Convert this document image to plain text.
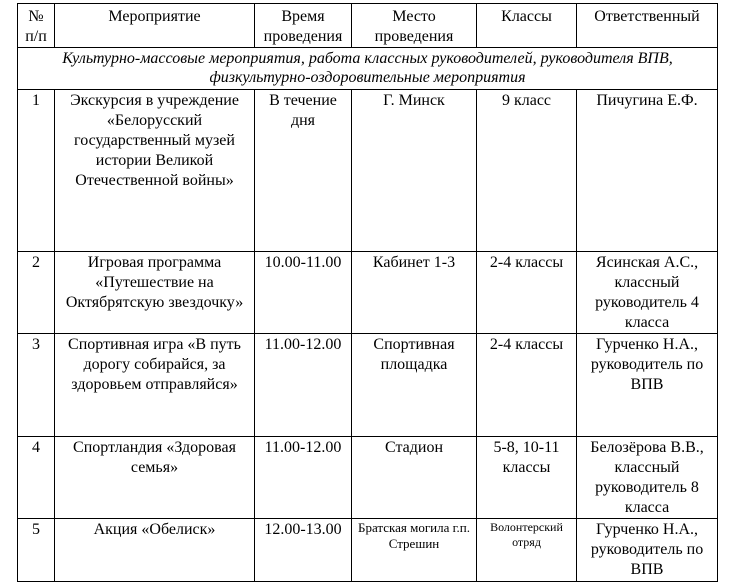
№ п/п	Мероприятие	Время проведения	Место проведения	Классы	Ответственный
Культурно-массовые мероприятия, работа классных руководителей, руководителя ВПВ, физкультурно-оздоровительные мероприятия					
1	Экскурсия в учреждение «Белорусский государственный музей истории Великой Отечественной войны»	В течение дня	Г. Минск	9 класс	Пичугина Е.Ф.
2	Игровая программа «Путешествие на Октябрятскую звездочку»	10.00-11.00	Кабинет 1-3	2-4 классы	Ясинская А.С., классный руководитель 4 класса
3	Спортивная игра «В путь дорогу собирайся, за здоровьем отправляйся»	11.00-12.00	Спортивная площадка	2-4 классы	Гурченко Н.А., руководитель по ВПВ
4	Спортландия «Здоровая семья»	11.00-12.00	Стадион	5-8, 10-11 классы	Белозёрова В.В., классный руководитель 8 класса
5	Акция «Обелиск»	12.00-13.00	Братская могила г.п. Стрешин	Волонтерский отряд	Гурченко Н.А., руководитель по ВПВ
